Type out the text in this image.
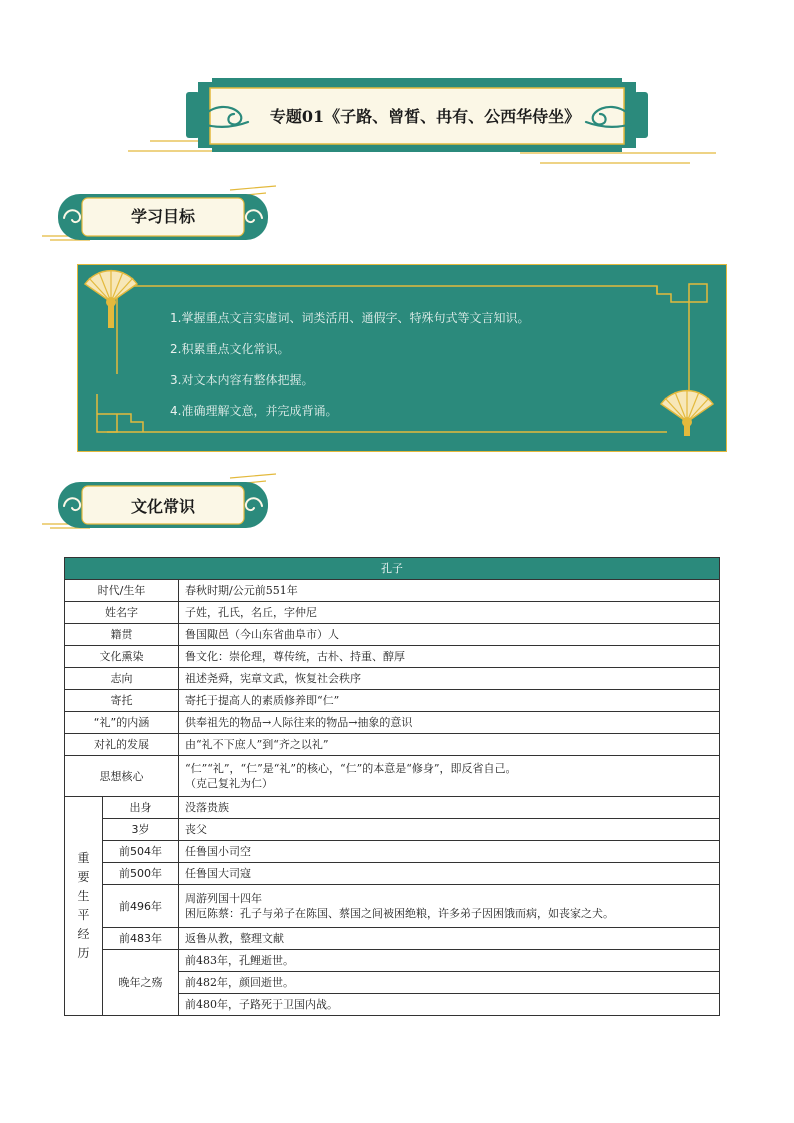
专题01《子路、曾皙、冉有、公西华侍坐》
学习目标
1.掌握重点文言实虚词、词类活用、通假字、特殊句式等文言知识。
2.积累重点文化常识。
3.对文本内容有整体把握。
4.准确理解文意，并完成背诵。
文化常识
孔子		
时代/生年		春秋时期/公元前551年
姓名字		子姓，孔氏，名丘，字仲尼
籍贯		鲁国陬邑（今山东省曲阜市）人
文化熏染		鲁文化：崇伦理，尊传统，古朴、持重、醇厚
志向		祖述尧舜，宪章文武，恢复社会秩序
寄托		寄托于提高人的素质修养即“仁”
“礼”的内涵		供奉祖先的物品→人际往来的物品→抽象的意识
对礼的发展		由“礼不下庶人”到“齐之以礼”
思想核心		“仁”“礼”，“仁”是“礼”的核心，“仁”的本意是“修身”，即反省自己。
（克己复礼为仁）

重要生平经历	出身	没落贵族
	3岁	丧父
	前504年	任鲁国小司空
	前500年	任鲁国大司寇
	前496年	周游列国十四年
困厄陈蔡：孔子与弟子在陈国、蔡国之间被困绝粮，许多弟子因困饿而病，如丧家之犬。

	前483年	返鲁从教，整理文献
	晚年之殇	前483年，孔鲤逝世。
		前482年，颜回逝世。
		前480年，子路死于卫国内战。
